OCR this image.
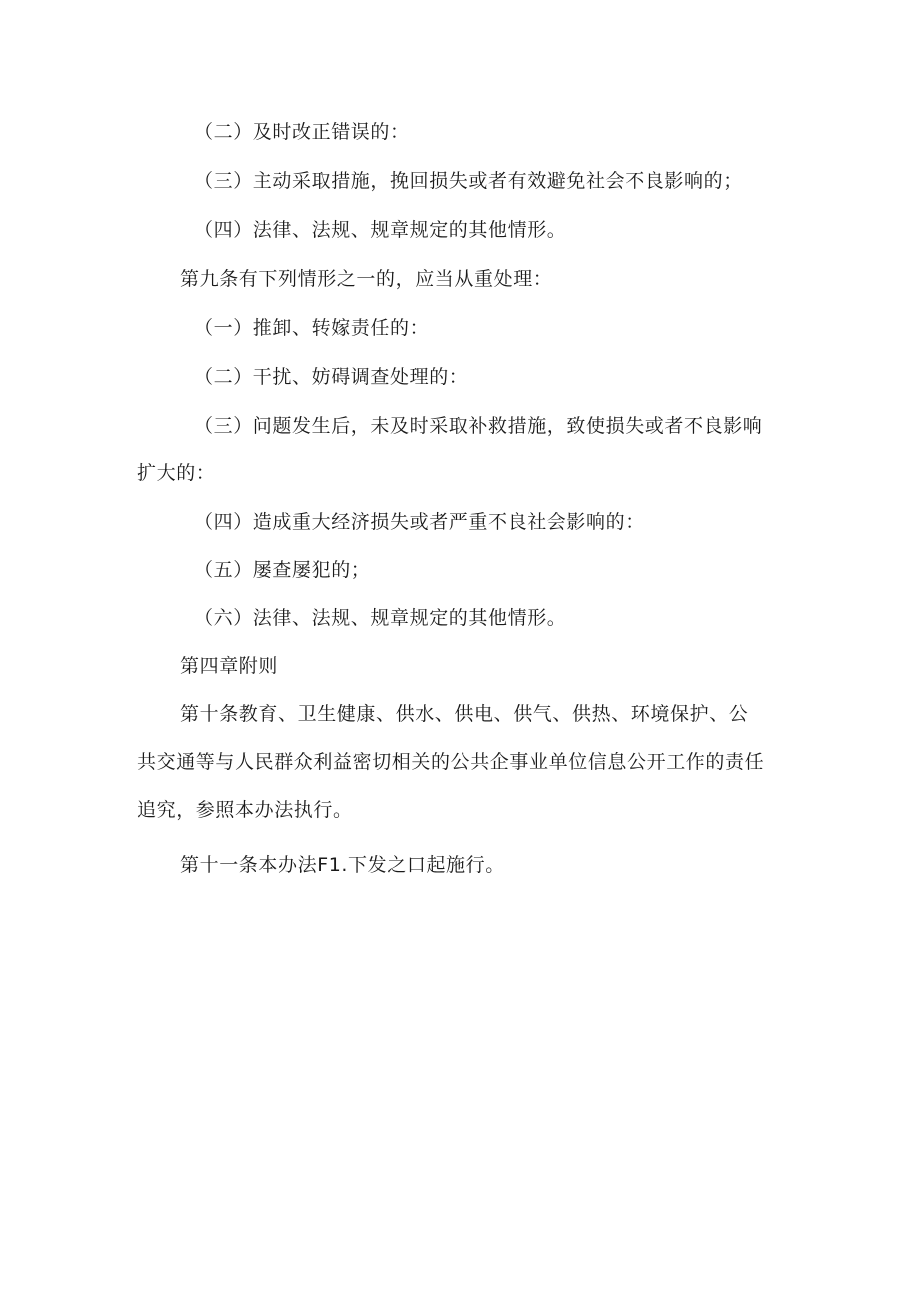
（二）及时改正错误的：
（三）主动采取措施，挽回损失或者有效避免社会不良影响的；
（四）法律、法规、规章规定的其他情形。
第九条有下列情形之一的，应当从重处理：
（一）推卸、转嫁责任的：
（二）干扰、妨碍调查处理的：
（三）问题发生后，未及时采取补救措施，致使损失或者不良影响
扩大的：
（四）造成重大经济损失或者严重不良社会影响的：
（五）屡查屡犯的；
（六）法律、法规、规章规定的其他情形。
第四章附则
第十条教育、卫生健康、供水、供电、供气、供热、环境保护、公
共交通等与人民群众利益密切相关的公共企事业单位信息公开工作的责任
追究，参照本办法执行。
第十一条本办法F1.下发之口起施行。
